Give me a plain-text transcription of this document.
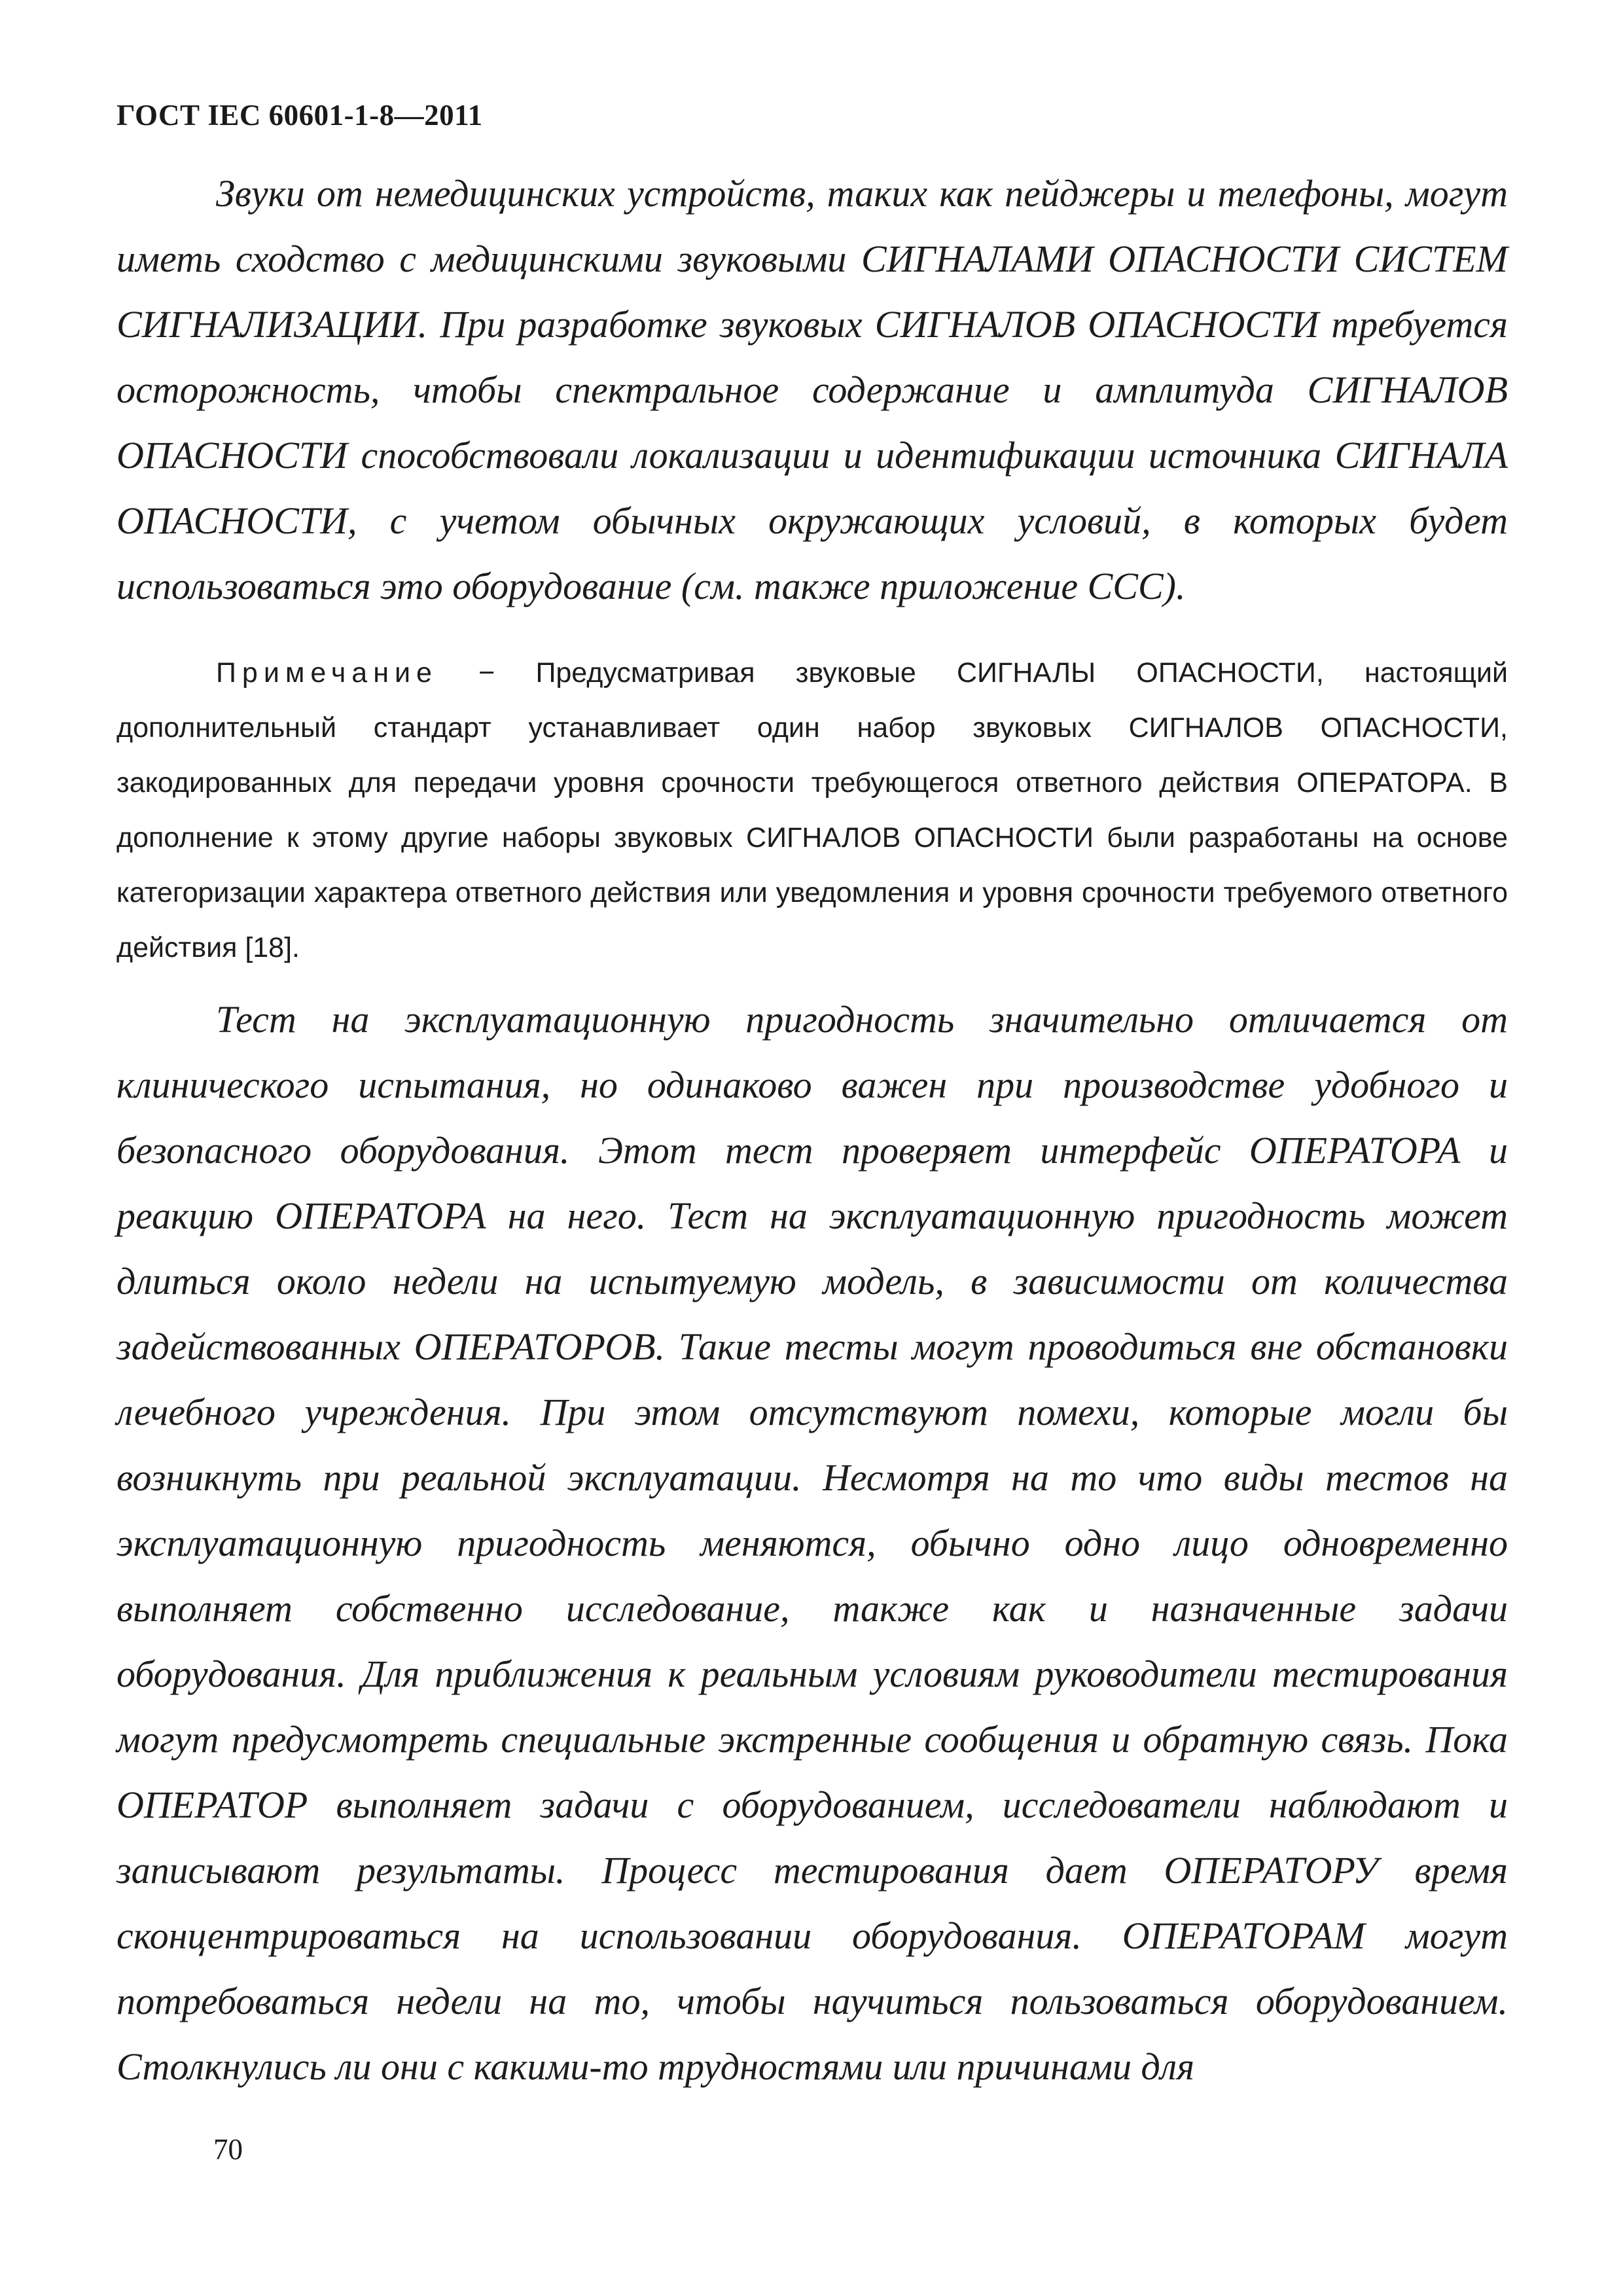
ГОСТ IEC 60601-1-8—2011

Звуки от немедицинских устройств, таких как пейджеры и телефоны, могут иметь сходство с медицинскими звуковыми СИГНАЛАМИ ОПАСНОСТИ СИСТЕМ СИГНАЛИЗАЦИИ. При разработке звуковых СИГНАЛОВ ОПАСНОСТИ требуется осторожность, чтобы спектральное содержание и амплитуда СИГНАЛОВ ОПАСНОСТИ способствовали локализации и идентификации источника СИГНАЛА ОПАСНОСТИ, с учетом обычных окружающих условий, в которых будет использоваться это оборудование (см. также приложение ССС).

Примечание − Предусматривая звуковые СИГНАЛЫ ОПАСНОСТИ, настоящий дополнительный стандарт устанавливает один набор звуковых СИГНАЛОВ ОПАСНОСТИ, закодированных для передачи уровня срочности требующегося ответного действия ОПЕРАТОРА. В дополнение к этому другие наборы звуковых СИГНАЛОВ ОПАСНОСТИ были разработаны на основе категоризации характера ответного действия или уведомления и уровня срочности требуемого ответного действия [18].

Тест на эксплуатационную пригодность значительно отличается от клинического испытания, но одинаково важен при производстве удобного и безопасного оборудования. Этот тест проверяет интерфейс ОПЕРАТОРА и реакцию ОПЕРАТОРА на него. Тест на эксплуатационную пригодность может длиться около недели на испытуемую модель, в зависимости от количества задействованных ОПЕРАТОРОВ. Такие тесты могут проводиться вне обстановки лечебного учреждения. При этом отсутствуют помехи, которые могли бы возникнуть при реальной эксплуатации. Несмотря на то что виды тестов на эксплуатационную пригодность меняются, обычно одно лицо одновременно выполняет собственно исследование, также как и назначенные задачи оборудования. Для приближения к реальным условиям руководители тестирования могут предусмотреть специальные экстренные сообщения и обратную связь. Пока ОПЕРАТОР выполняет задачи с оборудованием, исследователи наблюдают и записывают результаты. Процесс тестирования дает ОПЕРАТОРУ время сконцентрироваться на использовании оборудования. ОПЕРАТОРАМ могут потребоваться недели на то, чтобы научиться пользоваться оборудованием. Столкнулись ли они с какими-то трудностями или причинами для

70
